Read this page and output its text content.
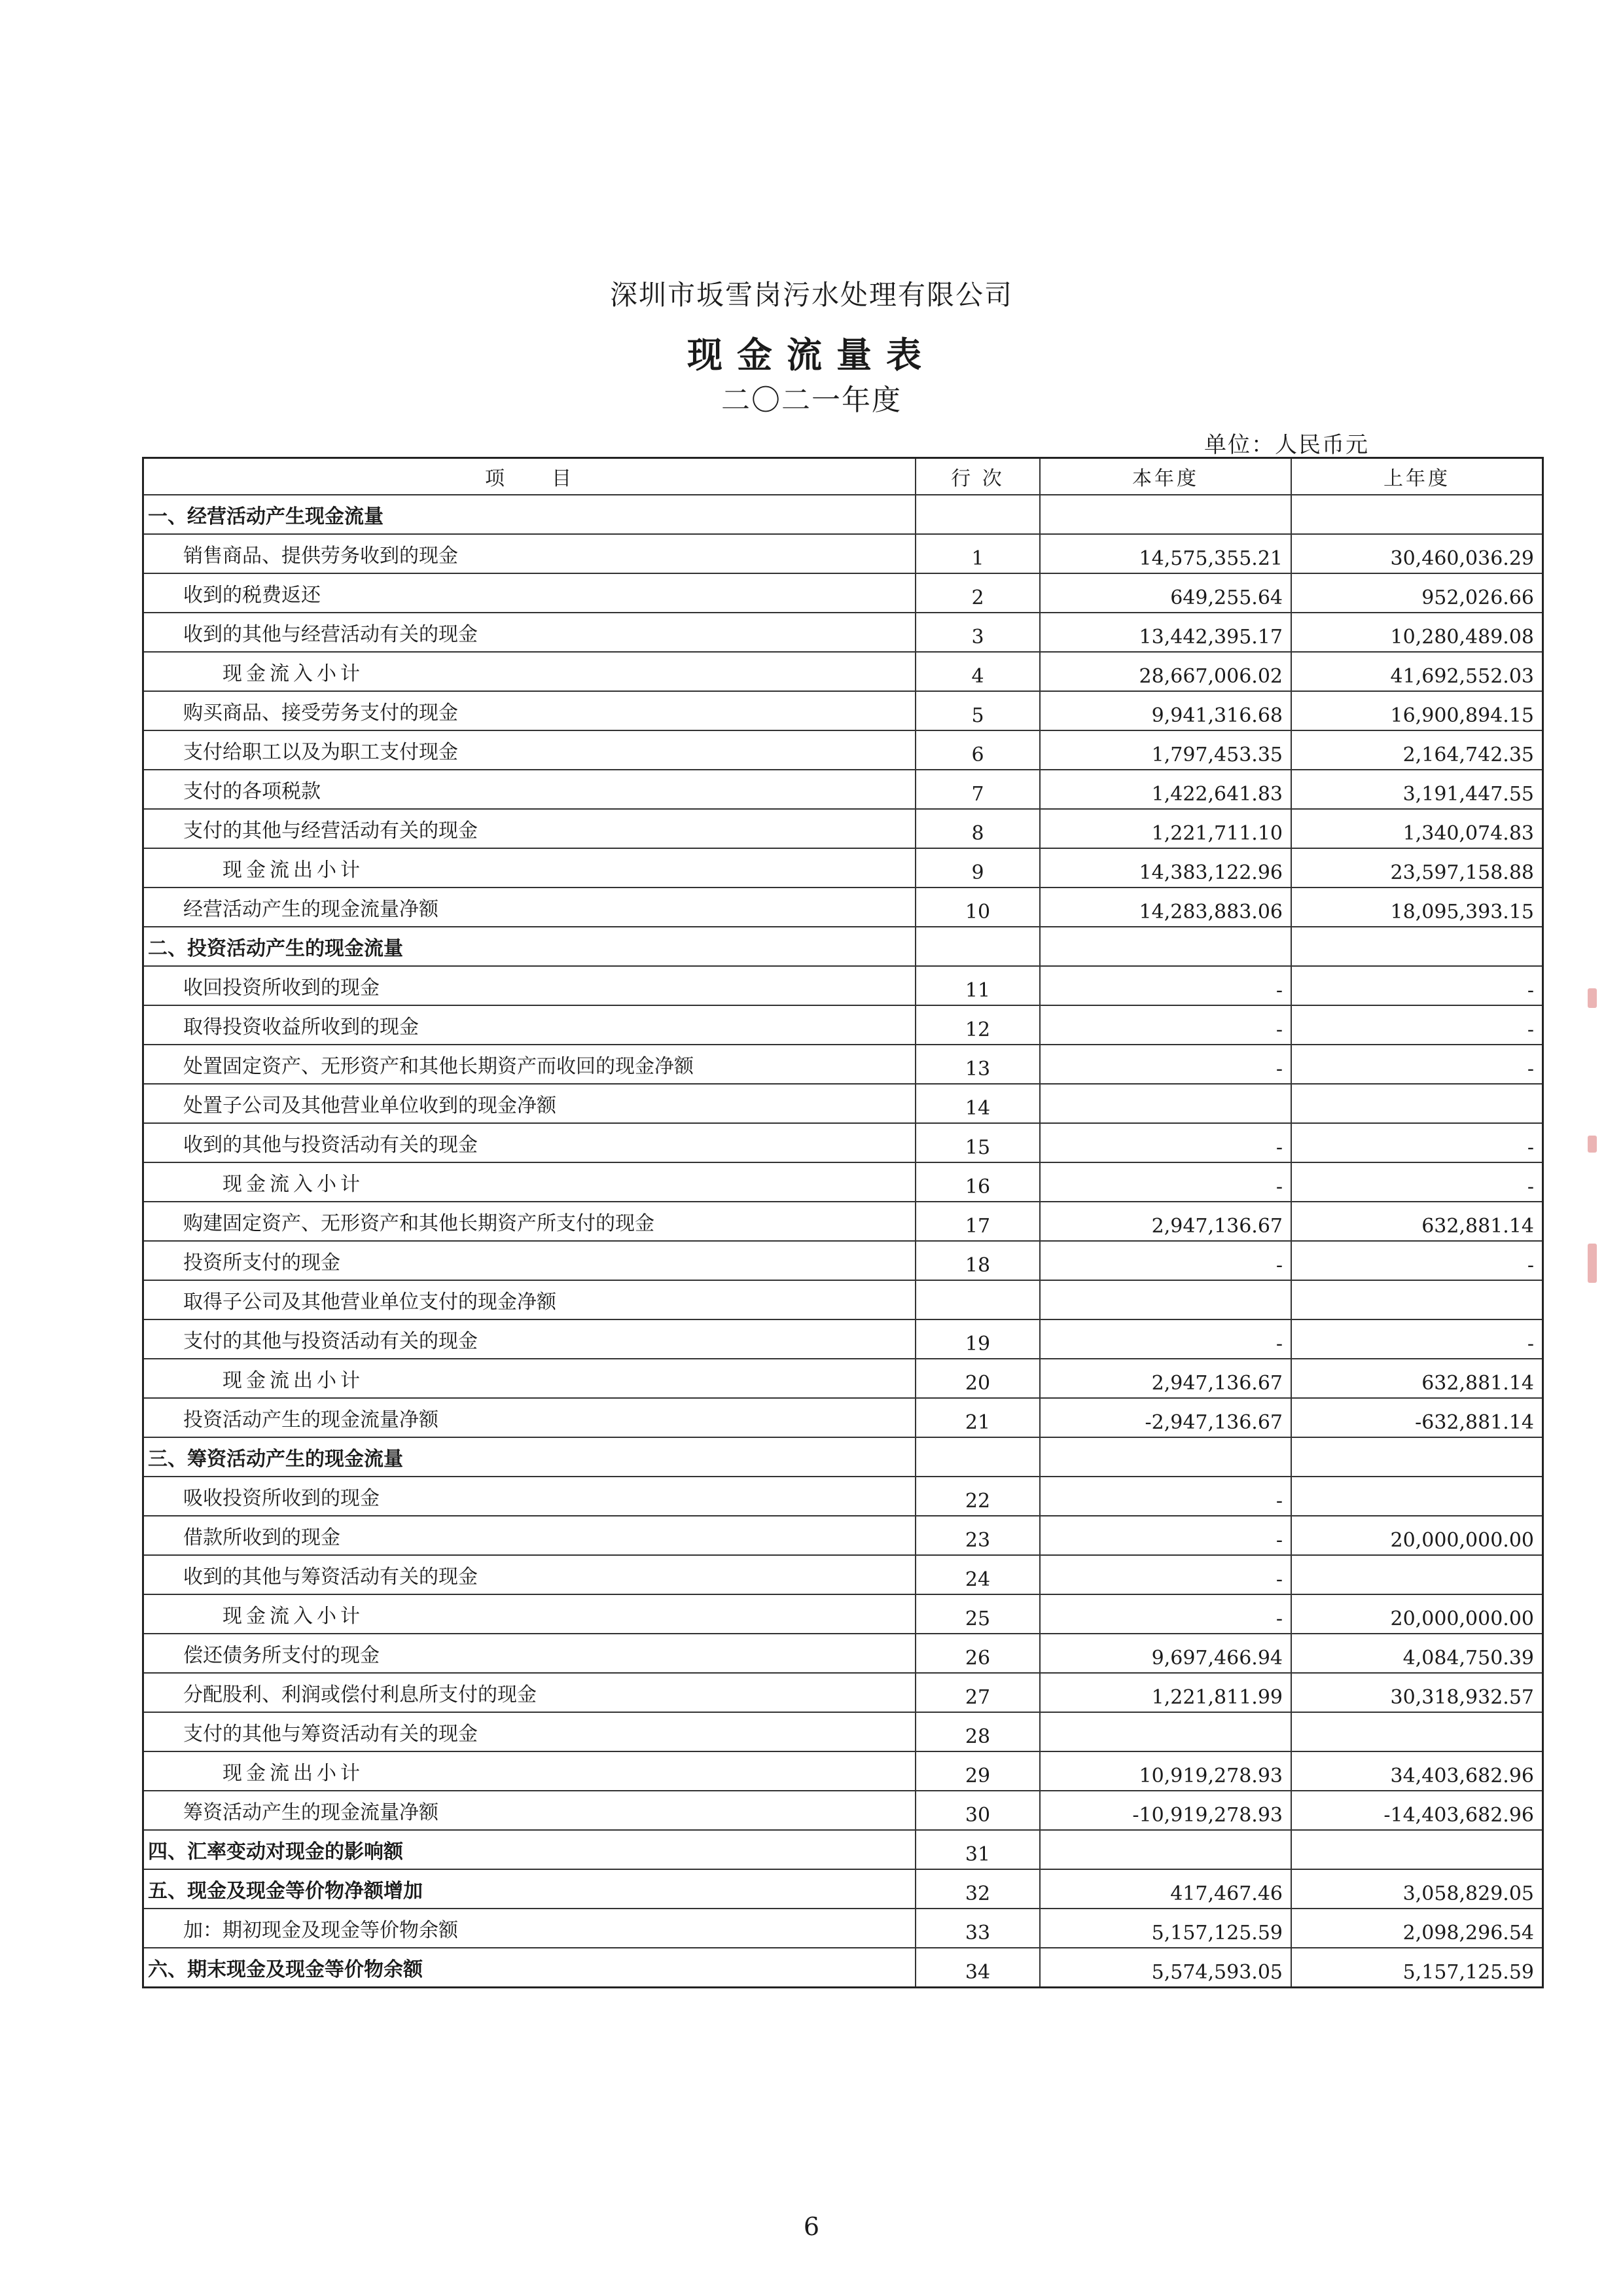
深圳市坂雪岗污水处理有限公司
现金流量表
二〇二一年度
单位：人民币元
项　　目	行 次	本年度	上年度
一、经营活动产生现金流量			
销售商品、提供劳务收到的现金	1	14,575,355.21	30,460,036.29
收到的税费返还	2	649,255.64	952,026.66
收到的其他与经营活动有关的现金	3	13,442,395.17	10,280,489.08
现金流入小计	4	28,667,006.02	41,692,552.03
购买商品、接受劳务支付的现金	5	9,941,316.68	16,900,894.15
支付给职工以及为职工支付现金	6	1,797,453.35	2,164,742.35
支付的各项税款	7	1,422,641.83	3,191,447.55
支付的其他与经营活动有关的现金	8	1,221,711.10	1,340,074.83
现金流出小计	9	14,383,122.96	23,597,158.88
经营活动产生的现金流量净额	10	14,283,883.06	18,095,393.15
二、投资活动产生的现金流量			
收回投资所收到的现金	11	-	-
取得投资收益所收到的现金	12	-	-
处置固定资产、无形资产和其他长期资产而收回的现金净额	13	-	-
处置子公司及其他营业单位收到的现金净额	14		
收到的其他与投资活动有关的现金	15	-	-
现金流入小计	16	-	-
购建固定资产、无形资产和其他长期资产所支付的现金	17	2,947,136.67	632,881.14
投资所支付的现金	18	-	-
取得子公司及其他营业单位支付的现金净额			
支付的其他与投资活动有关的现金	19	-	-
现金流出小计	20	2,947,136.67	632,881.14
投资活动产生的现金流量净额	21	-2,947,136.67	-632,881.14
三、筹资活动产生的现金流量			
吸收投资所收到的现金	22	-	
借款所收到的现金	23	-	20,000,000.00
收到的其他与筹资活动有关的现金	24	-	
现金流入小计	25	-	20,000,000.00
偿还债务所支付的现金	26	9,697,466.94	4,084,750.39
分配股利、利润或偿付利息所支付的现金	27	1,221,811.99	30,318,932.57
支付的其他与筹资活动有关的现金	28		
现金流出小计	29	10,919,278.93	34,403,682.96
筹资活动产生的现金流量净额	30	-10,919,278.93	-14,403,682.96
四、汇率变动对现金的影响额	31		
五、现金及现金等价物净额增加	32	417,467.46	3,058,829.05
加：期初现金及现金等价物余额	33	5,157,125.59	2,098,296.54
六、期末现金及现金等价物余额	34	5,574,593.05	5,157,125.59
6
